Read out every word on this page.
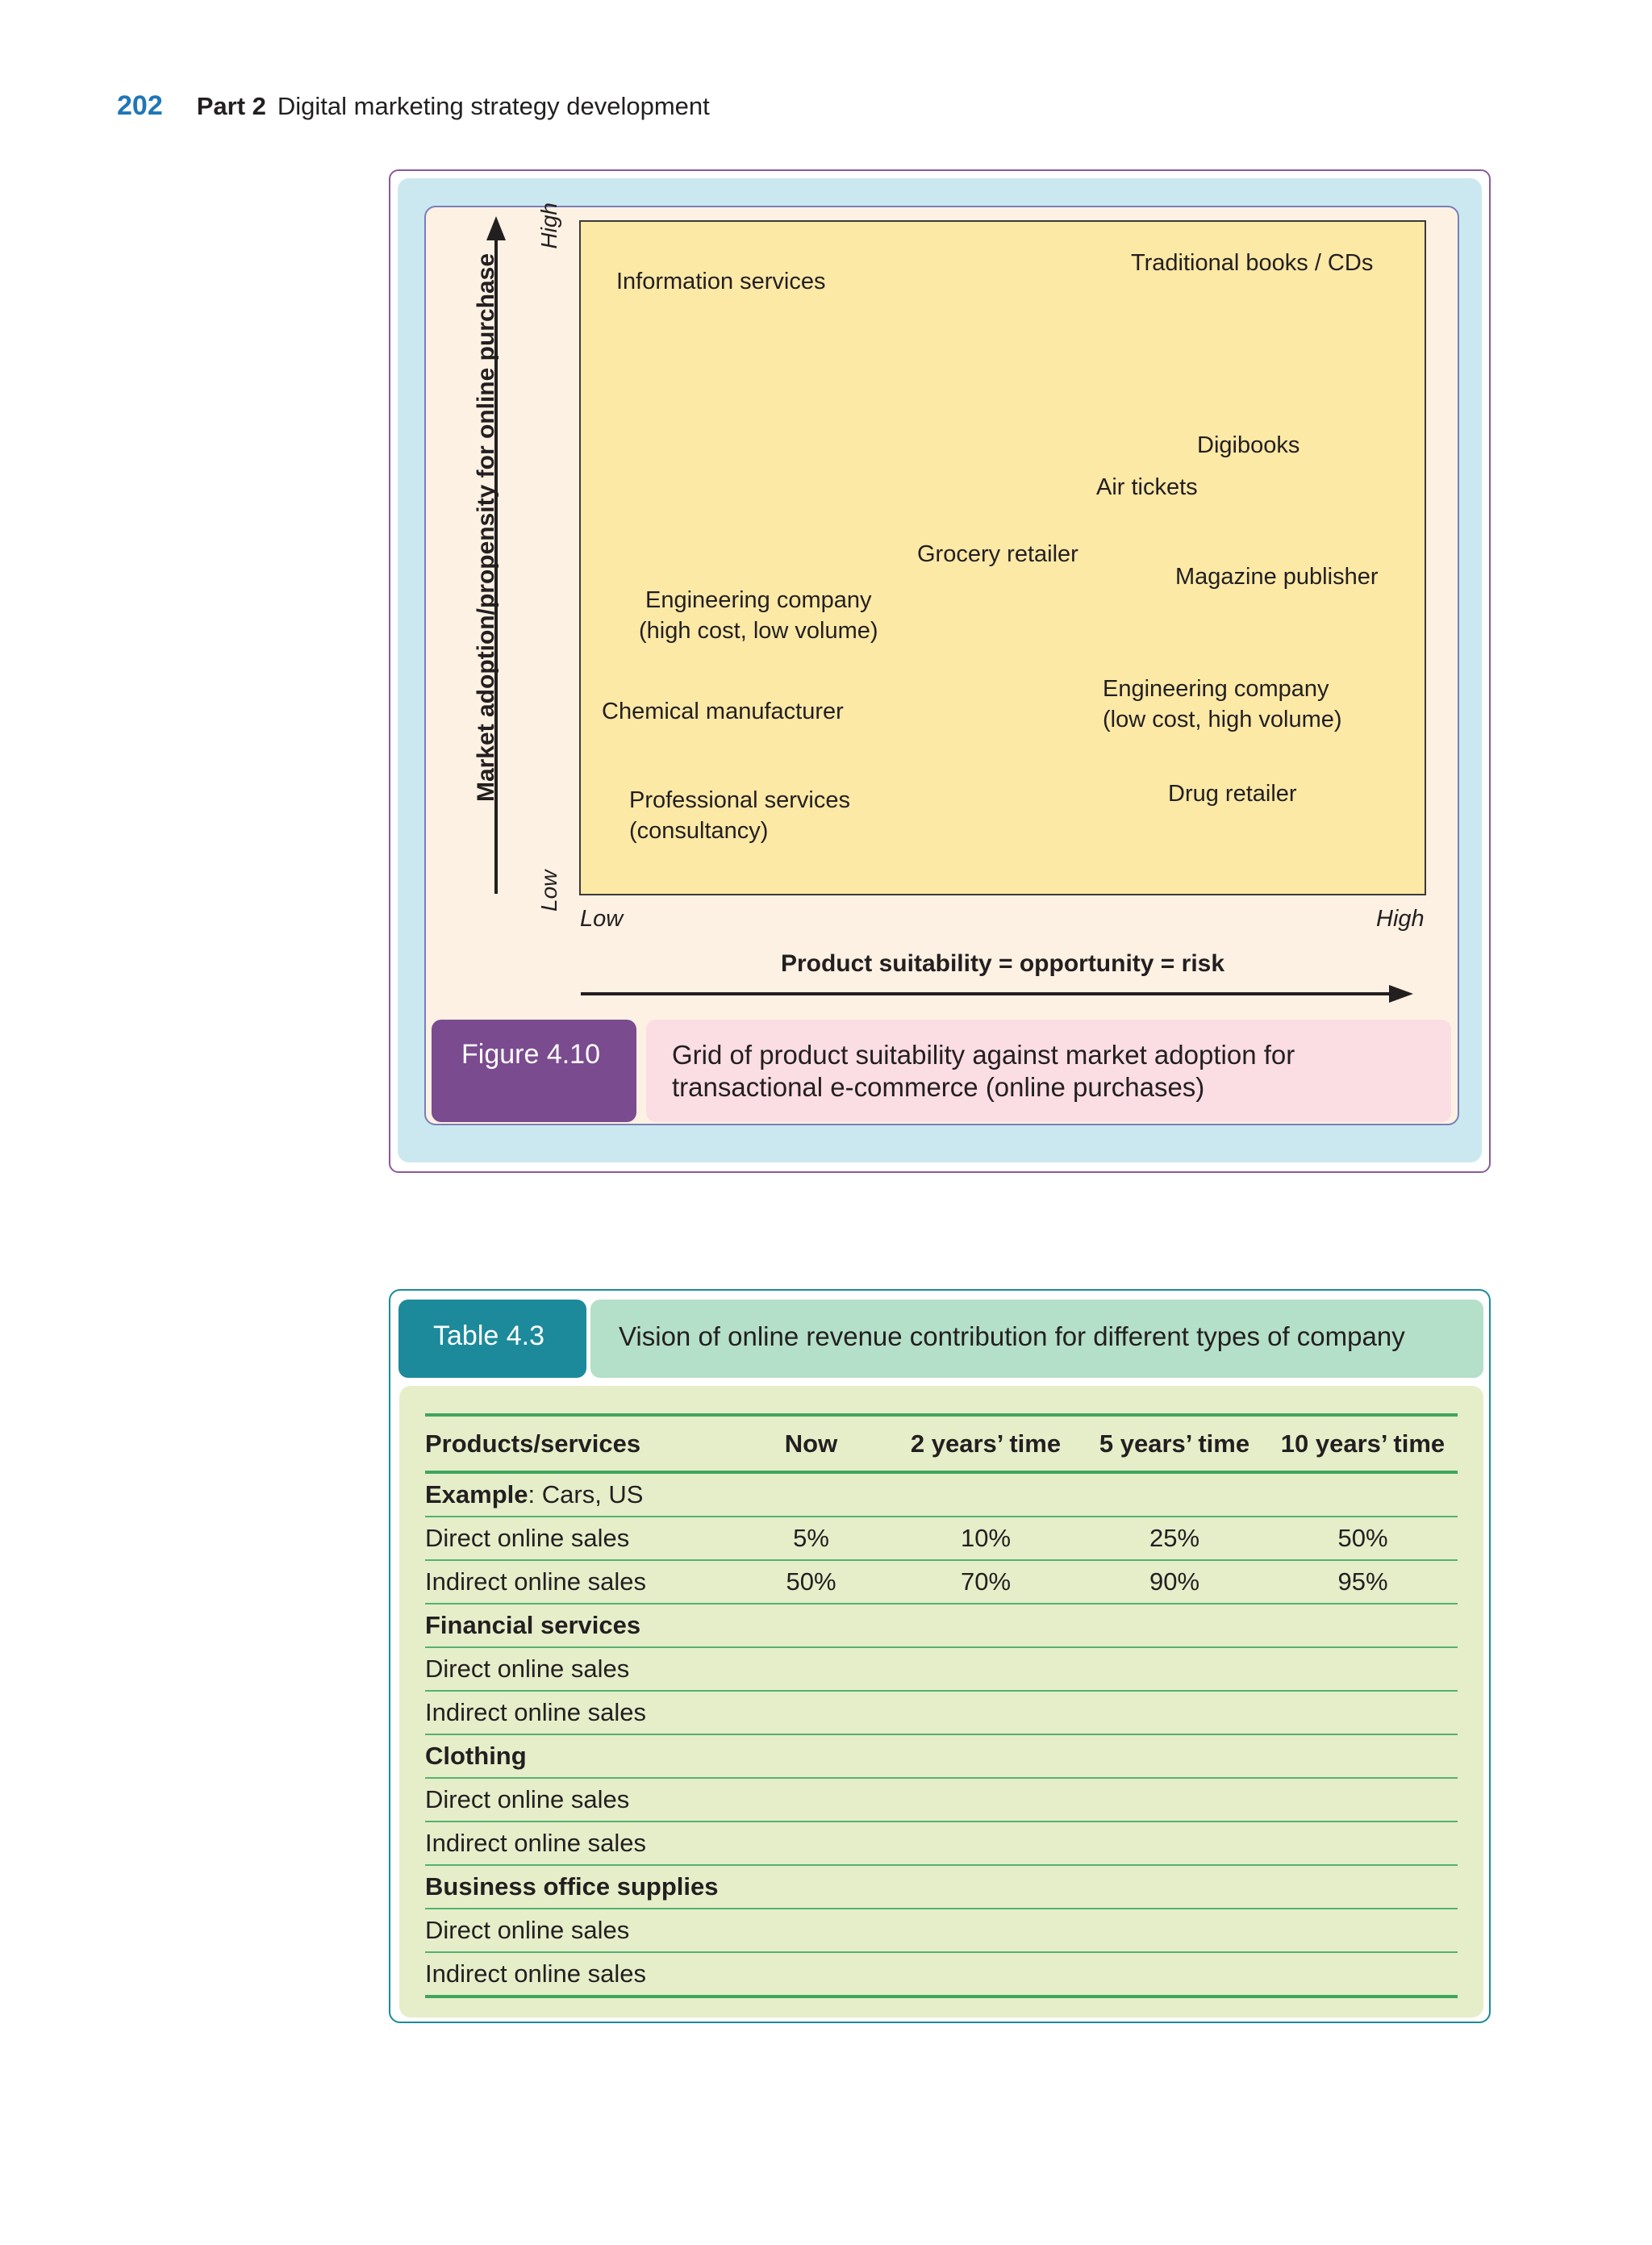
202 Part 2 Digital marketing strategy development
Market adoption/propensity for online purchase
High
Low
Information services
Traditional books / CDs
Digibooks
Air tickets
Grocery retailer
Magazine publisher
Engineering company
(high cost, low volume)
Chemical manufacturer
Engineering company
(low cost, high volume)
Drug retailer
Professional services
(consultancy)
Low	High
Product suitability = opportunity = risk
Figure 4.10	Grid of product suitability against market adoption for
transactional e-commerce (online purchases)
Table 4.3	Vision of online revenue contribution for different types of company
Products/services	Now	2 years’ time	5 years’ time	10 years’ time
Example: Cars, US				
Direct online sales	5%	10%	25%	50%
Indirect online sales	50%	70%	90%	95%
Financial services				
Direct online sales				
Indirect online sales				
Clothing				
Direct online sales				
Indirect online sales				
Business office supplies				
Direct online sales				
Indirect online sales				
